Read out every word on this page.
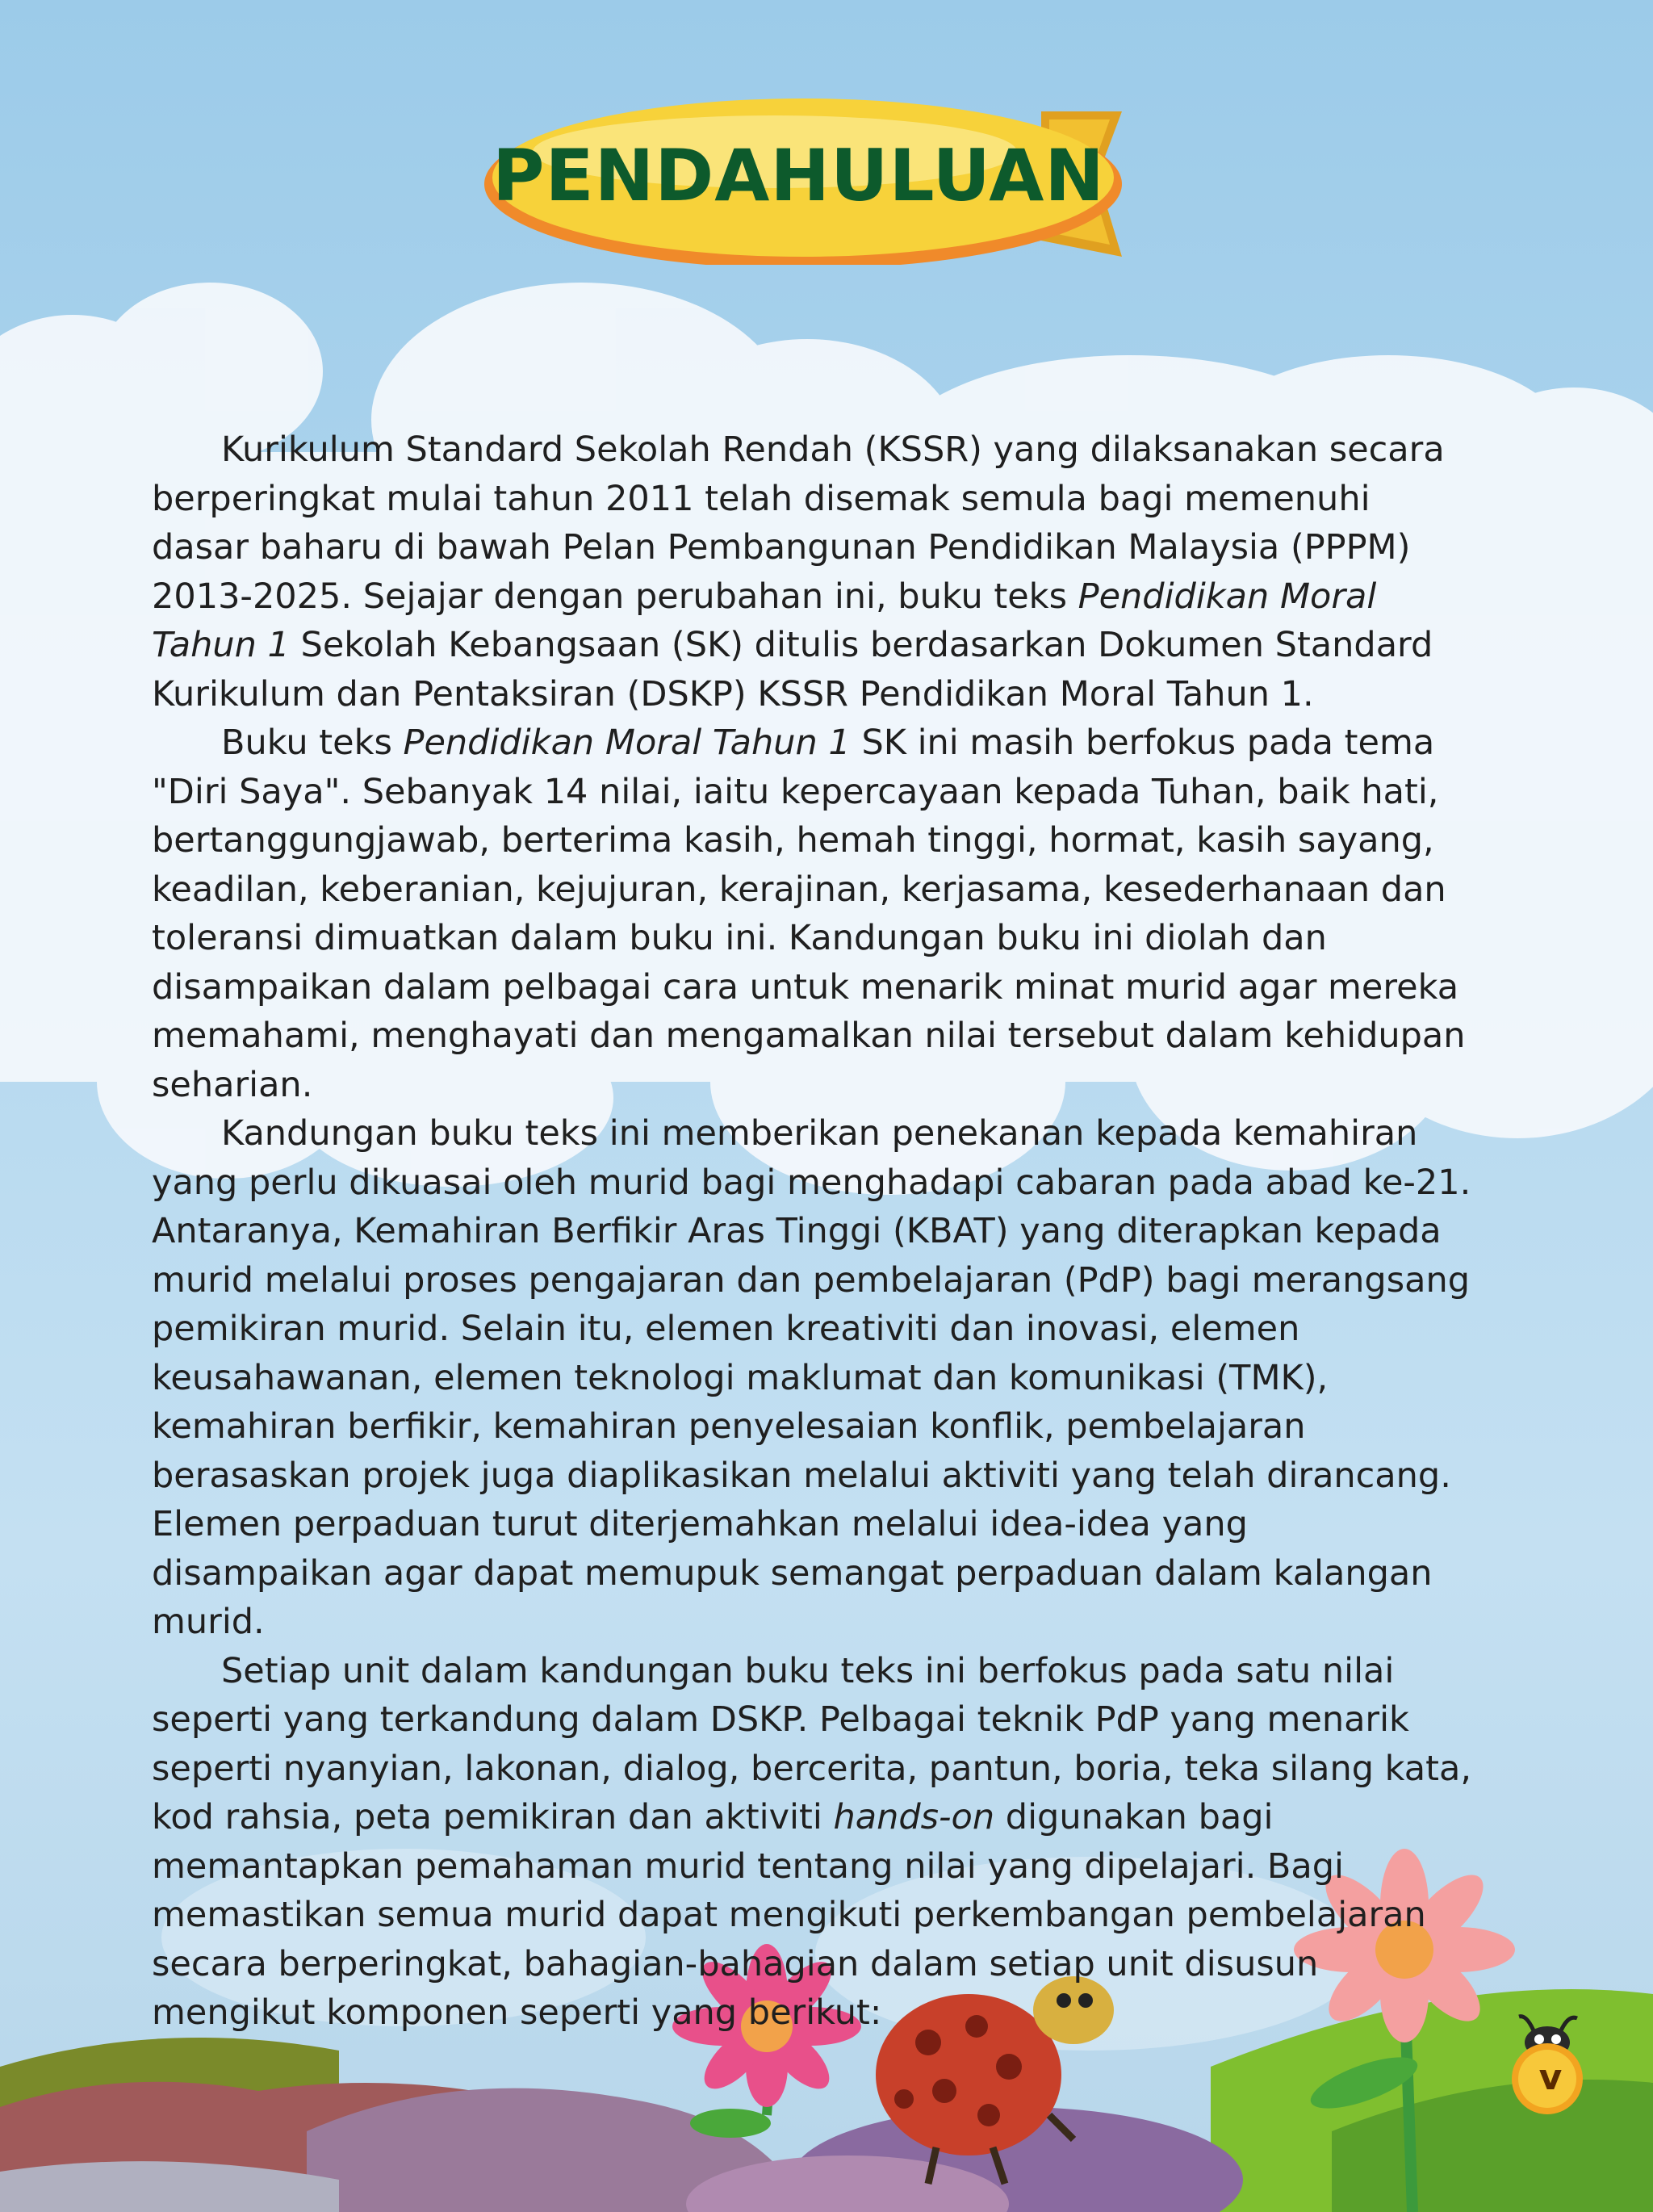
PENDAHULUAN

Kurikulum Standard Sekolah Rendah (KSSR) yang dilaksanakan secara berperingkat mulai tahun 2011 telah disemak semula bagi memenuhi dasar baharu di bawah Pelan Pembangunan Pendidikan Malaysia (PPPM) 2013-2025. Sejajar dengan perubahan ini, buku teks Pendidikan Moral Tahun 1 Sekolah Kebangsaan (SK) ditulis berdasarkan Dokumen Standard Kurikulum dan Pentaksiran (DSKP) KSSR Pendidikan Moral Tahun 1.

Buku teks Pendidikan Moral Tahun 1 SK ini masih berfokus pada tema "Diri Saya". Sebanyak 14 nilai, iaitu kepercayaan kepada Tuhan, baik hati, bertanggungjawab, berterima kasih, hemah tinggi, hormat, kasih sayang, keadilan, keberanian, kejujuran, kerajinan, kerjasama, kesederhanaan dan toleransi dimuatkan dalam buku ini. Kandungan buku ini diolah dan disampaikan dalam pelbagai cara untuk menarik minat murid agar mereka memahami, menghayati dan mengamalkan nilai tersebut dalam kehidupan seharian.

Kandungan buku teks ini memberikan penekanan kepada kemahiran yang perlu dikuasai oleh murid bagi menghadapi cabaran pada abad ke-21. Antaranya, Kemahiran Berfikir Aras Tinggi (KBAT) yang diterapkan kepada murid melalui proses pengajaran dan pembelajaran (PdP) bagi merangsang pemikiran murid. Selain itu, elemen kreativiti dan inovasi, elemen keusahawanan, elemen teknologi maklumat dan komunikasi (TMK), kemahiran berfikir, kemahiran penyelesaian konflik, pembelajaran berasaskan projek juga diaplikasikan melalui aktiviti yang telah dirancang. Elemen perpaduan turut diterjemahkan melalui idea-idea yang disampaikan agar dapat memupuk semangat perpaduan dalam kalangan murid.

Setiap unit dalam kandungan buku teks ini berfokus pada satu nilai seperti yang terkandung dalam DSKP. Pelbagai teknik PdP yang menarik seperti nyanyian, lakonan, dialog, bercerita, pantun, boria, teka silang kata, kod rahsia, peta pemikiran dan aktiviti hands-on digunakan bagi memantapkan pemahaman murid tentang nilai yang dipelajari. Bagi memastikan semua murid dapat mengikuti perkembangan pembelajaran secara berperingkat, bahagian-bahagian dalam setiap unit disusun mengikut komponen seperti yang berikut:

v
